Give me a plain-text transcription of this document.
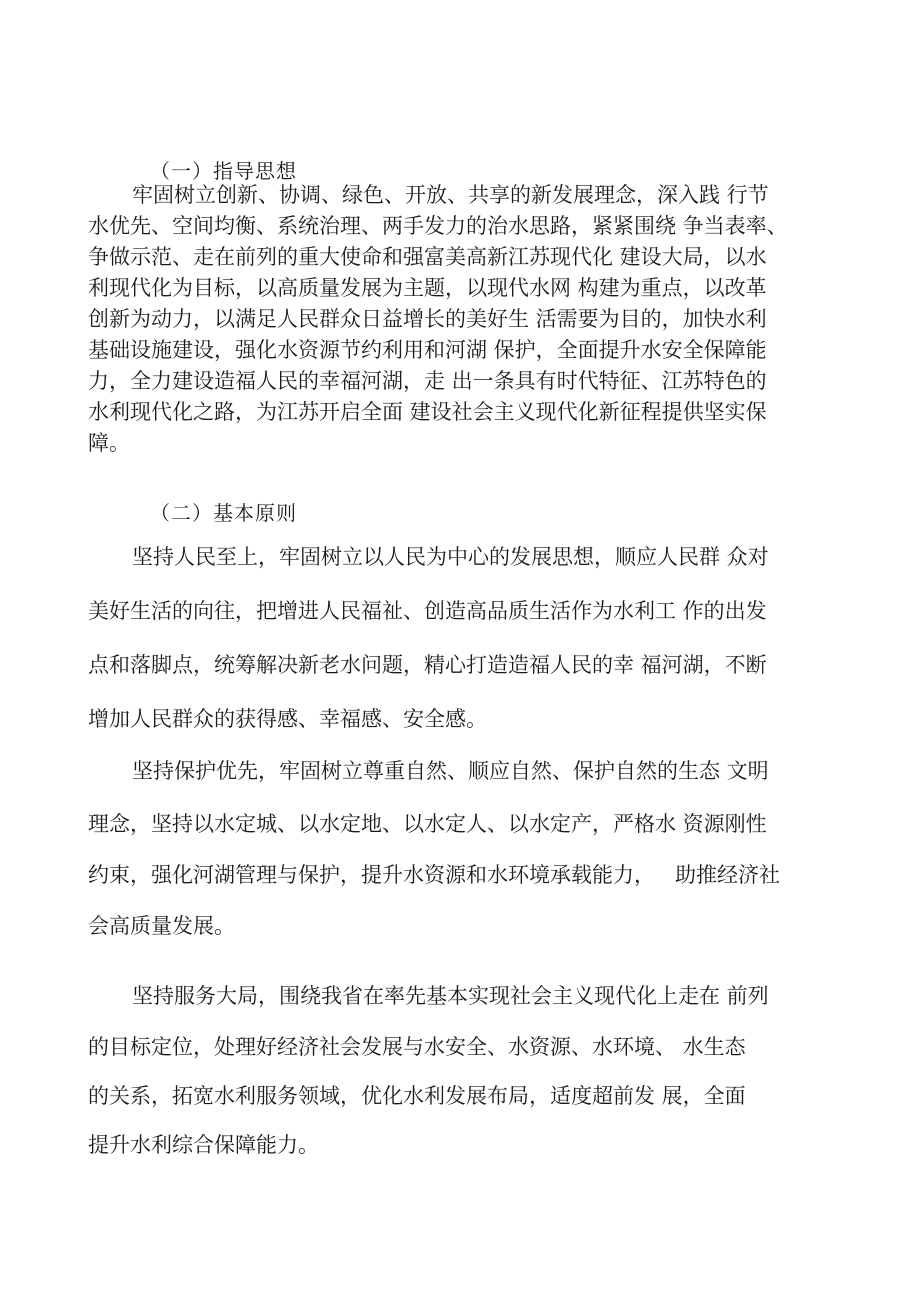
（一）指导思想
牢固树立创新、协调、绿色、开放、共享的新发展理念，深入践 行节
水优先、空间均衡、系统治理、两手发力的治水思路，紧紧围绕 争当表率、
争做示范、走在前列的重大使命和强富美高新江苏现代化 建设大局，以水
利现代化为目标，以高质量发展为主题，以现代水网 构建为重点，以改革
创新为动力，以满足人民群众日益增长的美好生 活需要为目的，加快水利
基础设施建设，强化水资源节约利用和河湖 保护，全面提升水安全保障能
力，全力建设造福人民的幸福河湖，走 出一条具有时代特征、江苏特色的
水利现代化之路，为江苏开启全面 建设社会主义现代化新征程提供坚实保
障。
（二）基本原则
坚持人民至上，牢固树立以人民为中心的发展思想，顺应人民群 众对
美好生活的向往，把增进人民福祉、创造高品质生活作为水利工 作的出发
点和落脚点，统筹解决新老水问题，精心打造造福人民的幸 福河湖，不断
增加人民群众的获得感、幸福感、安全感。
坚持保护优先，牢固树立尊重自然、顺应自然、保护自然的生态 文明
理念，坚持以水定城、以水定地、以水定人、以水定产，严格水 资源刚性
约束，强化河湖管理与保护，提升水资源和水环境承载能力，   助推经济社
会高质量发展。
坚持服务大局，围绕我省在率先基本实现社会主义现代化上走在 前列
的目标定位，处理好经济社会发展与水安全、水资源、水环境、 水生态
的关系，拓宽水利服务领域，优化水利发展布局，适度超前发 展，全面
提升水利综合保障能力。
